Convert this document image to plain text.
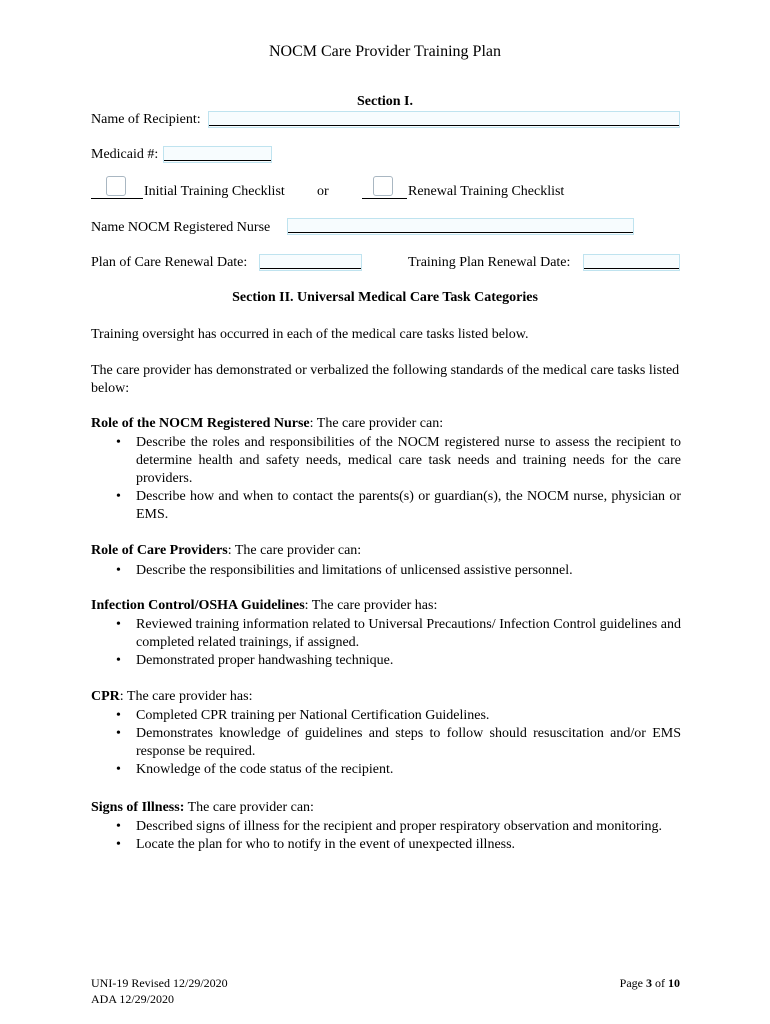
NOCM Care Provider Training Plan
Section I.
Name of Recipient:
Medicaid #:
Initial Training Checklist or	Renewal Training Checklist
Name NOCM Registered Nurse
Plan of Care Renewal Date:	Training Plan Renewal Date:
Section II. Universal Medical Care Task Categories
Training oversight has occurred in each of the medical care tasks listed below.
The care provider has demonstrated or verbalized the following standards of the medical care tasks listed below:
Role of the NOCM Registered Nurse: The care provider can:
• Describe the roles and responsibilities of the NOCM registered nurse to assess the recipient to determine health and safety needs, medical care task needs and training needs for the care providers.
• Describe how and when to contact the parents(s) or guardian(s), the NOCM nurse, physician or EMS.
Role of Care Providers: The care provider can:
• Describe the responsibilities and limitations of unlicensed assistive personnel.
Infection Control/OSHA Guidelines: The care provider has:
• Reviewed training information related to Universal Precautions/ Infection Control guidelines and completed related trainings, if assigned.
• Demonstrated proper handwashing technique.
CPR: The care provider has:
• Completed CPR training per National Certification Guidelines.
• Demonstrates knowledge of guidelines and steps to follow should resuscitation and/or EMS response be required.
• Knowledge of the code status of the recipient.
Signs of Illness: The care provider can:
• Described signs of illness for the recipient and proper respiratory observation and monitoring.
• Locate the plan for who to notify in the event of unexpected illness.
UNI-19 Revised 12/29/2020
ADA 12/29/2020
Page 3 of 10
